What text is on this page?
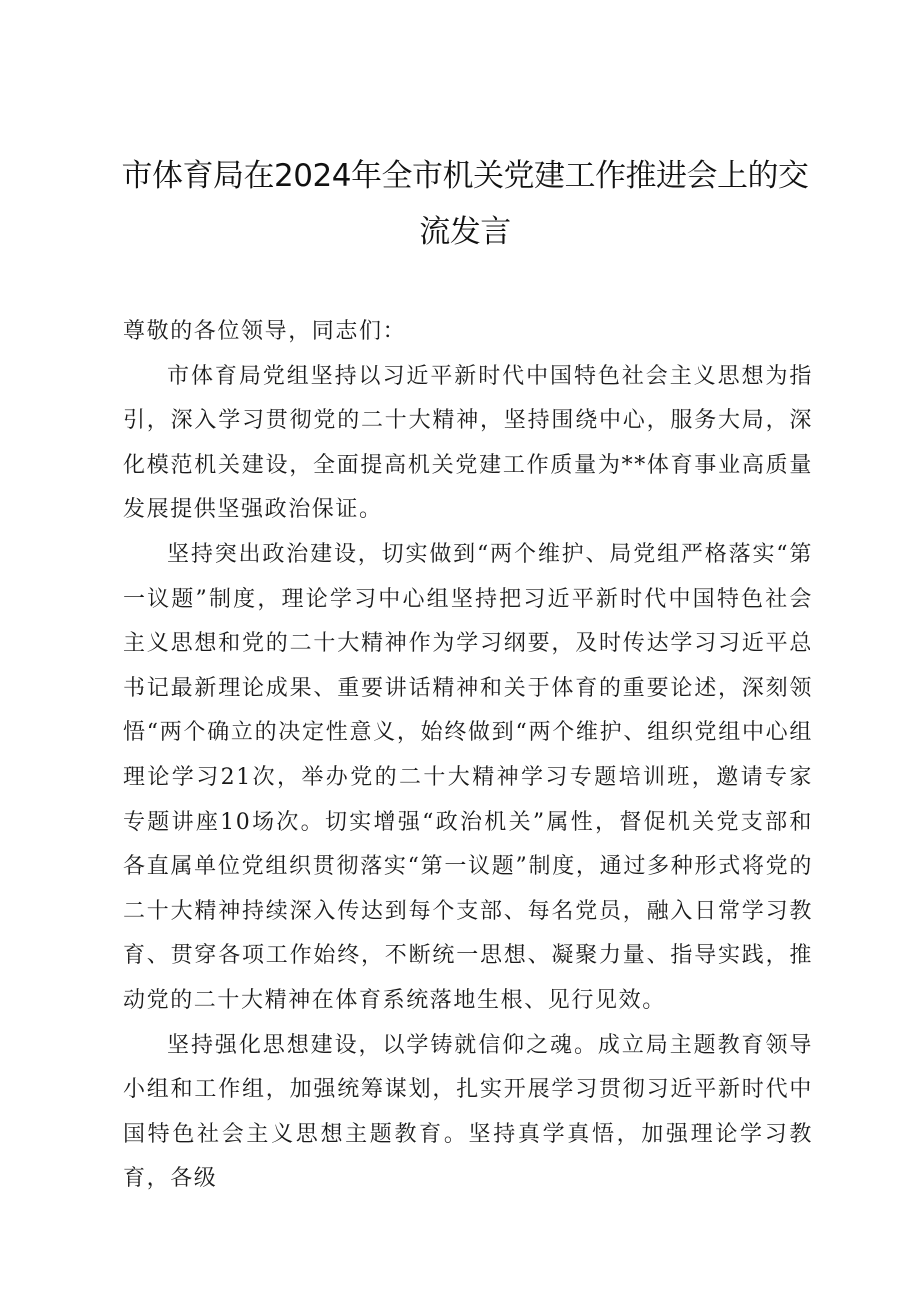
市体育局在2024年全市机关党建工作推进会上的交流发言

尊敬的各位领导，同志们：

市体育局党组坚持以习近平新时代中国特色社会主义思想为指引，深入学习贯彻党的二十大精神，坚持围绕中心，服务大局，深化模范机关建设，全面提高机关党建工作质量为**体育事业高质量发展提供坚强政治保证。

坚持突出政治建设，切实做到“两个维护、局党组严格落实“第一议题”制度，理论学习中心组坚持把习近平新时代中国特色社会主义思想和党的二十大精神作为学习纲要，及时传达学习习近平总书记最新理论成果、重要讲话精神和关于体育的重要论述，深刻领悟“两个确立的决定性意义，始终做到“两个维护、组织党组中心组理论学习21次，举办党的二十大精神学习专题培训班，邀请专家专题讲座10场次。切实增强“政治机关”属性，督促机关党支部和各直属单位党组织贯彻落实“第一议题”制度，通过多种形式将党的二十大精神持续深入传达到每个支部、每名党员，融入日常学习教育、贯穿各项工作始终，不断统一思想、凝聚力量、指导实践，推动党的二十大精神在体育系统落地生根、见行见效。

坚持强化思想建设，以学铸就信仰之魂。成立局主题教育领导小组和工作组，加强统筹谋划，扎实开展学习贯彻习近平新时代中国特色社会主义思想主题教育。坚持真学真悟，加强理论学习教育，各级
